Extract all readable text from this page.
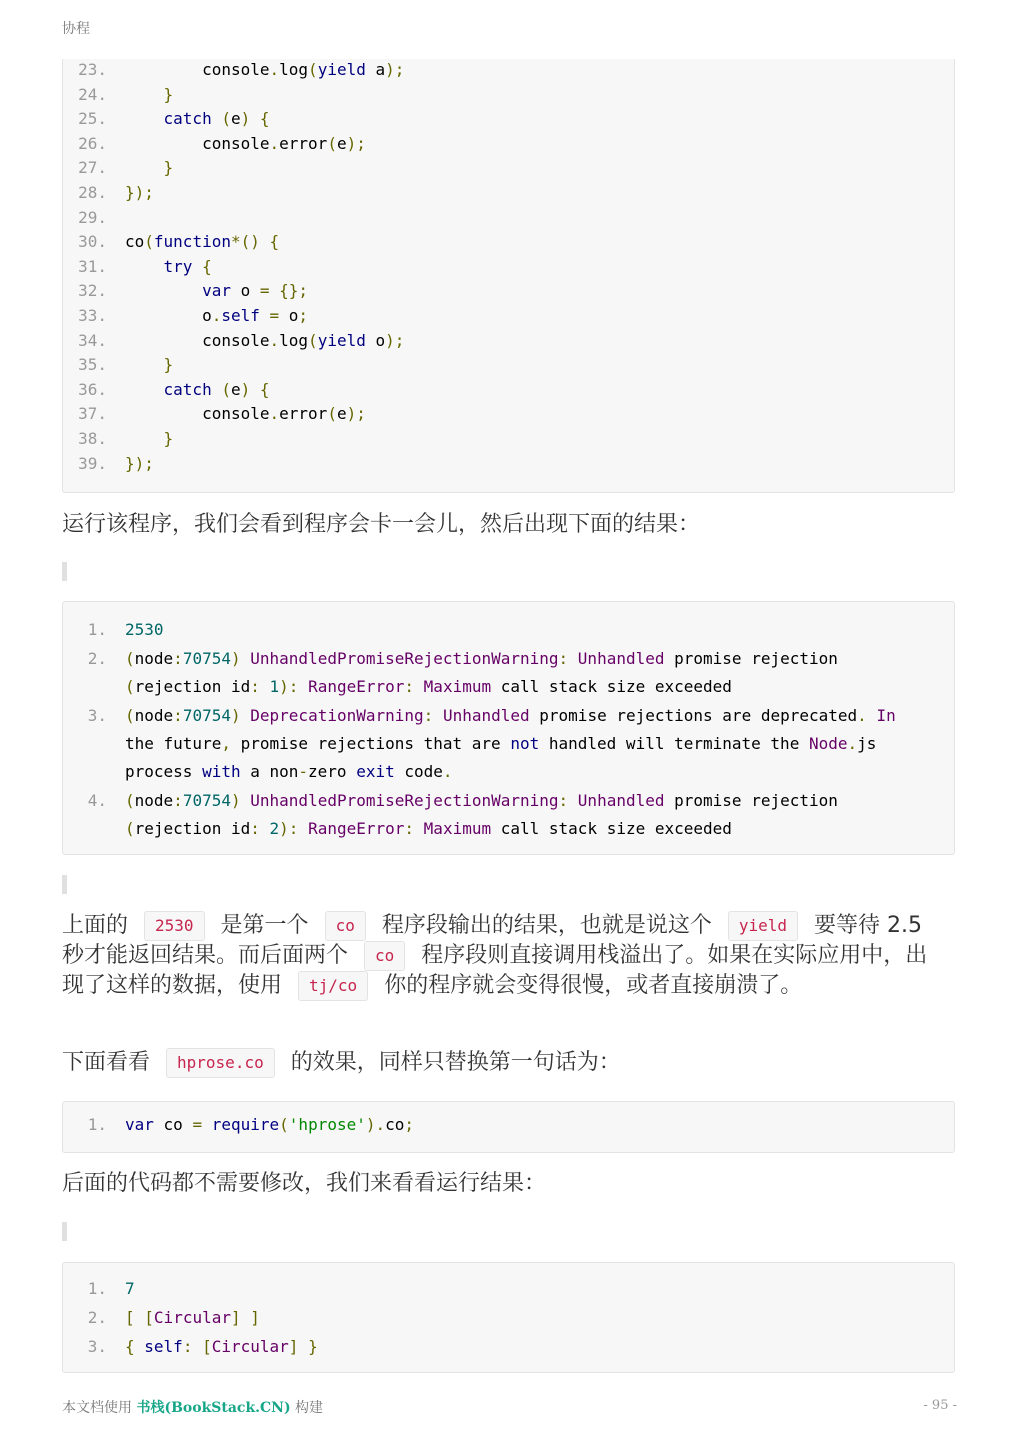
协程
23. console.log(yield a);
24.	}
25.	catch (e) {
26. console.error(e);
27.	}
28. });
29.

30. co(function*() {
31.	try {
32.	var o = {};
33. o.self = o;
34. console.log(yield o);
35.	}
36.	catch (e) {
37. console.error(e);
38.	}
39. });
运行该程序，我们会看到程序会卡一会儿，然后出现下面的结果：
1. 2530
2. (node:70754) UnhandledPromiseRejectionWarning: Unhandled promise rejection (rejection id: 1): RangeError: Maximum call stack size exceeded
3. (node:70754) DeprecationWarning: Unhandled promise rejections are deprecated. In the future, promise rejections that are not handled will terminate the Node.js process with a non-zero exit code.
4. (node:70754) UnhandledPromiseRejectionWarning: Unhandled promise rejection (rejection id: 2): RangeError: Maximum call stack size exceeded
上面的 2530 是第一个 co 程序段输出的结果，也就是说这个 yield 要等待 2.5 秒才能返回结果。而后面两个 co 程序段则直接调用栈溢出了。如果在实际应用中，出现了这样的数据，使用 tj/co 你的程序就会变得很慢，或者直接崩溃了。
下面看看 hprose.co 的效果，同样只替换第一句话为：
1. var co = require('hprose').co;
后面的代码都不需要修改，我们来看看运行结果：
1. 7
2. [ [Circular] ]
3. { self: [Circular] }
本文档使用 书栈(BookStack.CN) 构建	- 95 -
